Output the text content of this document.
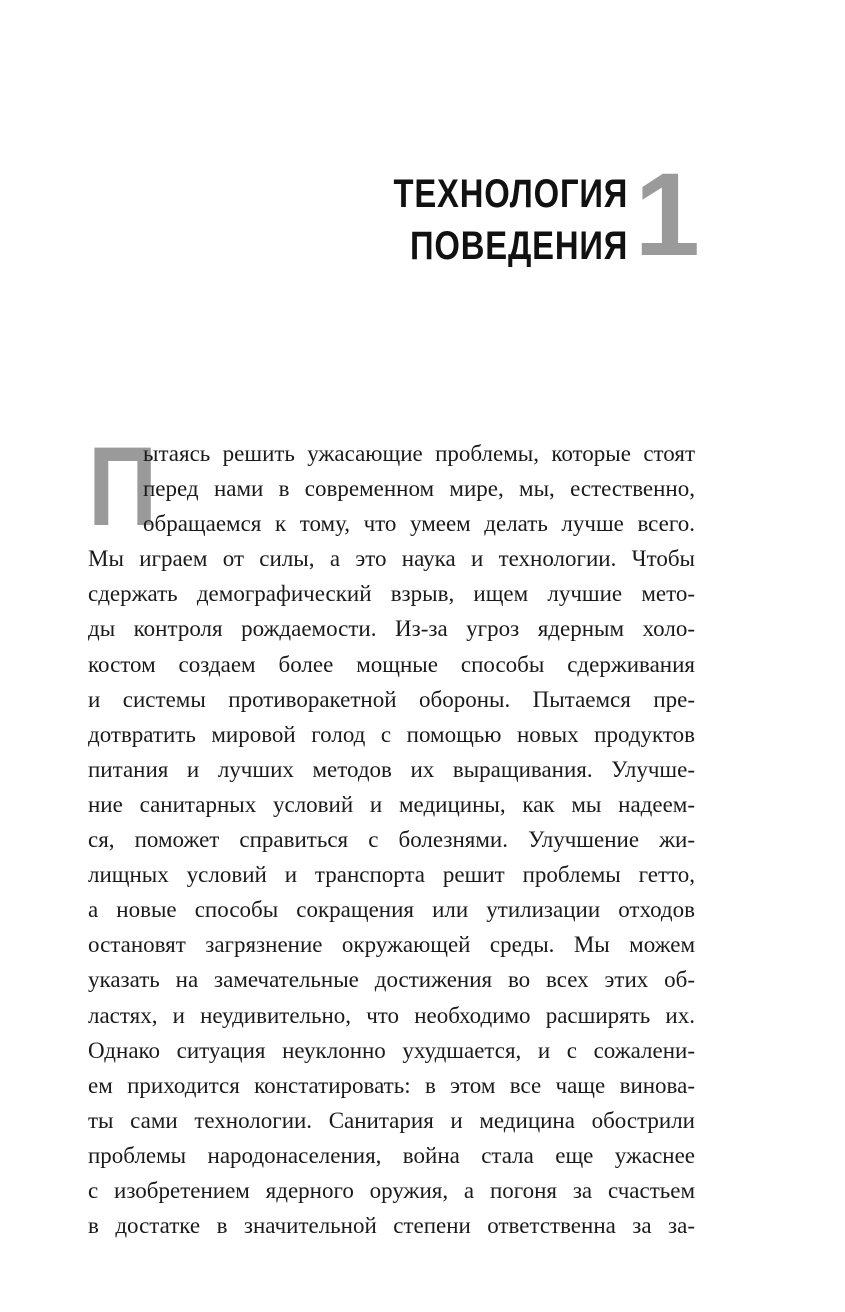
ТЕХНОЛОГИЯ
ПОВЕДЕНИЯ 1
П
ытаясь решить ужасающие проблемы, которые стоят
перед нами в современном мире, мы, естественно,
обращаемся к тому, что умеем делать лучше всего.
Мы играем от силы, а это наука и технологии. Чтобы
сдержать демографический взрыв, ищем лучшие мето-
ды контроля рождаемости. Из-за угроз ядерным холо-
костом создаем более мощные способы сдерживания
и системы противоракетной обороны. Пытаемся пре-
дотвратить мировой голод с помощью новых продуктов
питания и лучших методов их выращивания. Улучше-
ние санитарных условий и медицины, как мы надеем-
ся, поможет справиться с болезнями. Улучшение жи-
лищных условий и транспорта решит проблемы гетто,
а новые способы сокращения или утилизации отходов
остановят загрязнение окружающей среды. Мы можем
указать на замечательные достижения во всех этих об-
ластях, и неудивительно, что необходимо расширять их.
Однако ситуация неуклонно ухудшается, и с сожалени-
ем приходится констатировать: в этом все чаще винова-
ты сами технологии. Санитария и медицина обострили
проблемы народонаселения, война стала еще ужаснее
с изобретением ядерного оружия, а погоня за счастьем
в достатке в значительной степени ответственна за за-
